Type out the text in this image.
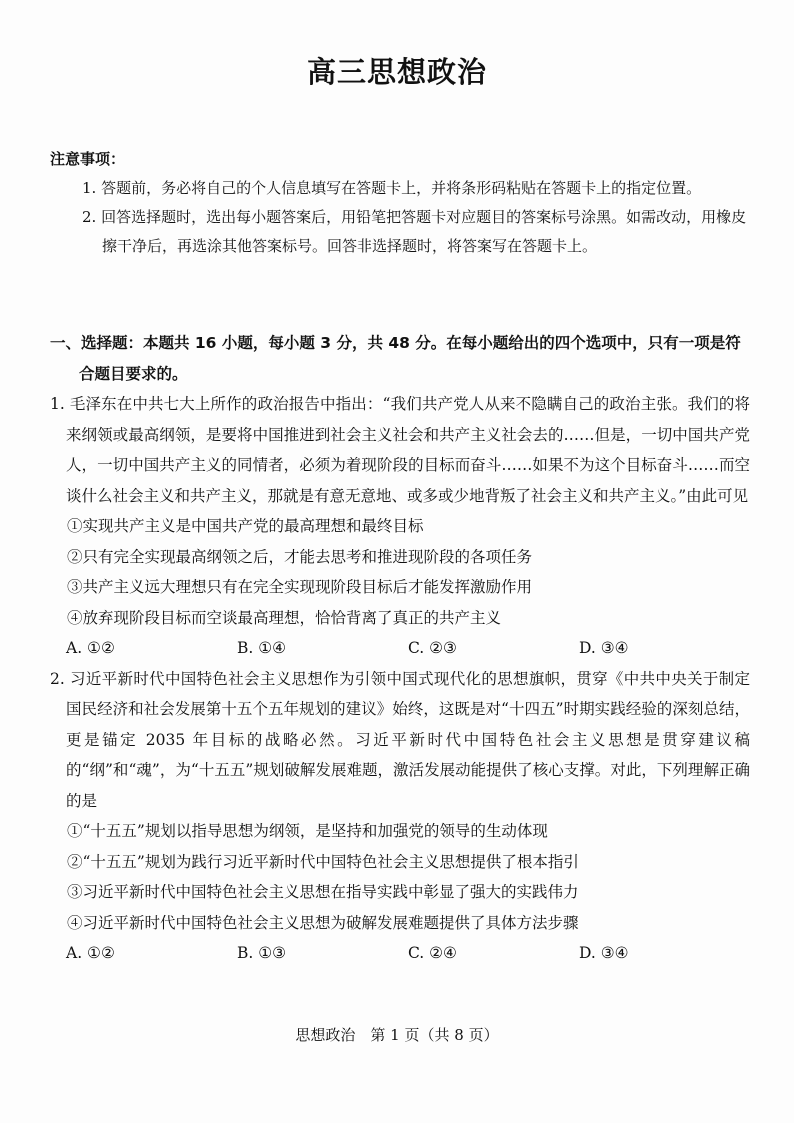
高三思想政治
注意事项：
1. 答题前，务必将自己的个人信息填写在答题卡上，并将条形码粘贴在答题卡上的指定位置。
2. 回答选择题时，选出每小题答案后，用铅笔把答题卡对应题目的答案标号涂黑。如需改动，用橡皮擦干净后，再选涂其他答案标号。回答非选择题时，将答案写在答题卡上。
一、选择题：本题共 16 小题，每小题 3 分，共 48 分。在每小题给出的四个选项中，只有一项是符合题目要求的。
1. 毛泽东在中共七大上所作的政治报告中指出：“我们共产党人从来不隐瞒自己的政治主张。我们的将来纲领或最高纲领，是要将中国推进到社会主义社会和共产主义社会去的……但是，一切中国共产党人，一切中国共产主义的同情者，必须为着现阶段的目标而奋斗……如果不为这个目标奋斗……而空谈什么社会主义和共产主义，那就是有意无意地、或多或少地背叛了社会主义和共产主义。”由此可见
①实现共产主义是中国共产党的最高理想和最终目标
②只有完全实现最高纲领之后，才能去思考和推进现阶段的各项任务
③共产主义远大理想只有在完全实现现阶段目标后才能发挥激励作用
④放弃现阶段目标而空谈最高理想，恰恰背离了真正的共产主义
A. ①②	B. ①④	C. ②③	D. ③④
2. 习近平新时代中国特色社会主义思想作为引领中国式现代化的思想旗帜，贯穿《中共中央关于制定国民经济和社会发展第十五个五年规划的建议》始终，这既是对“十四五”时期实践经验的深刻总结，更是锚定 2035 年目标的战略必然。习近平新时代中国特色社会主义思想是贯穿建议稿的“纲”和“魂”，为“十五五”规划破解发展难题，激活发展动能提供了核心支撑。对此，下列理解正确的是
①“十五五”规划以指导思想为纲领，是坚持和加强党的领导的生动体现
②“十五五”规划为践行习近平新时代中国特色社会主义思想提供了根本指引
③习近平新时代中国特色社会主义思想在指导实践中彰显了强大的实践伟力
④习近平新时代中国特色社会主义思想为破解发展难题提供了具体方法步骤
A. ①②	B. ①③	C. ②④	D. ③④
思想政治　第 1 页（共 8 页）
